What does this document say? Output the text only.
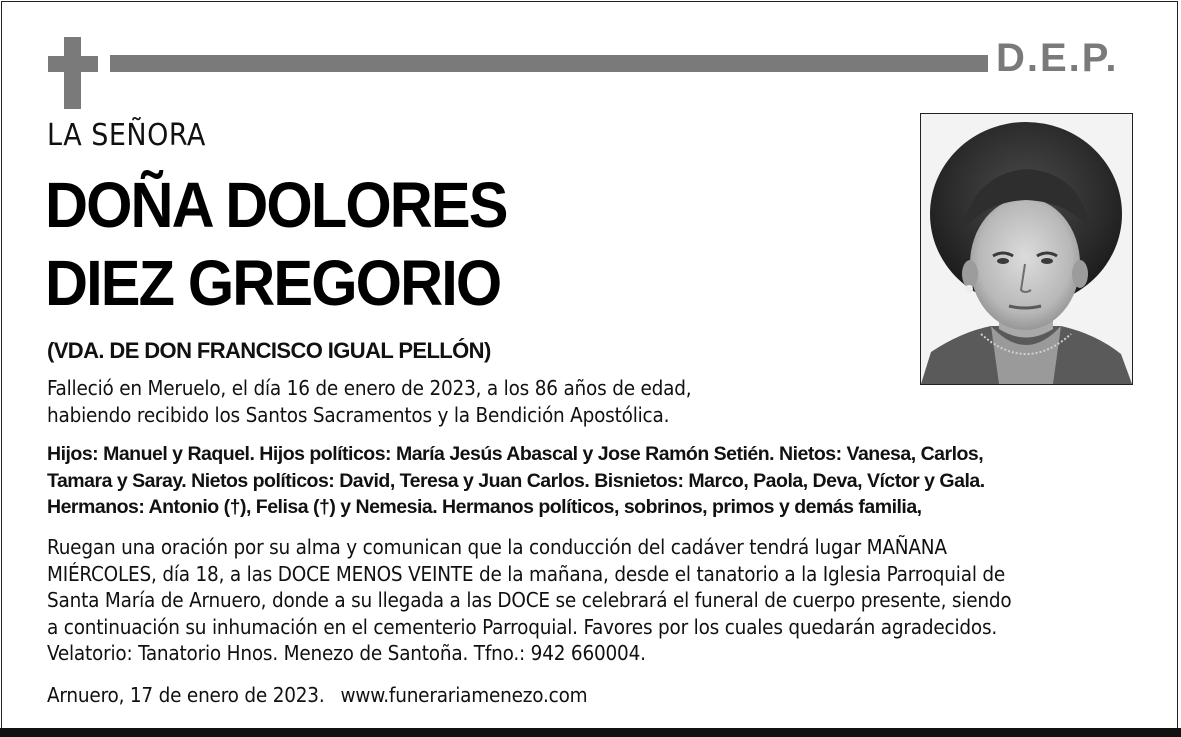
D.E.P.
LA SEÑORA
DOÑA DOLORES
DIEZ GREGORIO
(VDA. DE DON FRANCISCO IGUAL PELLÓN)

Falleció en Meruelo, el día 16 de enero de 2023, a los 86 años de edad,
habiendo recibido los Santos Sacramentos y la Bendición Apostólica.

Hijos: Manuel y Raquel. Hijos políticos: María Jesús Abascal y Jose Ramón Setién. Nietos: Vanesa, Carlos,
Tamara y Saray. Nietos políticos: David, Teresa y Juan Carlos. Bisnietos: Marco, Paola, Deva, Víctor y Gala.
Hermanos: Antonio (†), Felisa (†) y Nemesia. Hermanos políticos, sobrinos, primos y demás familia,

Ruegan una oración por su alma y comunican que la conducción del cadáver tendrá lugar MAÑANA
MIÉRCOLES, día 18, a las DOCE MENOS VEINTE de la mañana, desde el tanatorio a la Iglesia Parroquial de
Santa María de Arnuero, donde a su llegada a las DOCE se celebrará el funeral de cuerpo presente, siendo
a continuación su inhumación en el cementerio Parroquial. Favores por los cuales quedarán agradecidos.
Velatorio: Tanatorio Hnos. Menezo de Santoña. Tfno.: 942 660004.

Arnuero, 17 de enero de 2023. www.funerariamenezo.com
